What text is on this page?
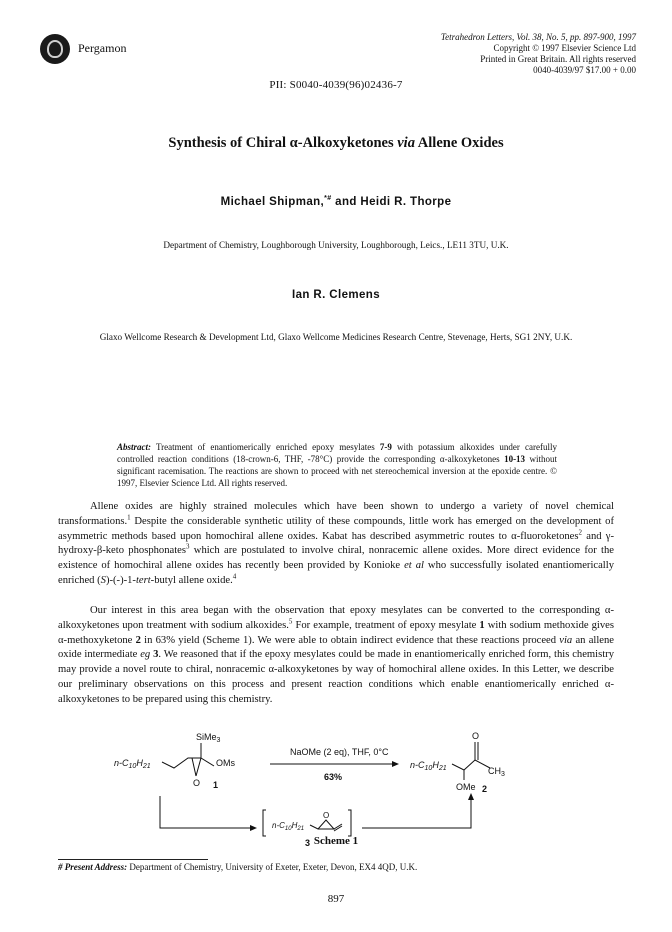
Pergamon
Tetrahedron Letters, Vol. 38, No. 5, pp. 897-900, 1997
Copyright © 1997 Elsevier Science Ltd
Printed in Great Britain. All rights reserved
0040-4039/97 $17.00 + 0.00
PII: S0040-4039(96)02436-7
Synthesis of Chiral α-Alkoxyketones via Allene Oxides
Michael Shipman,*# and Heidi R. Thorpe
Department of Chemistry, Loughborough University, Loughborough, Leics., LE11 3TU, U.K.
Ian R. Clemens
Glaxo Wellcome Research & Development Ltd, Glaxo Wellcome Medicines Research Centre, Stevenage, Herts, SG1 2NY, U.K.
Abstract: Treatment of enantiomerically enriched epoxy mesylates 7-9 with potassium alkoxides under carefully controlled reaction conditions (18-crown-6, THF, -78°C) provide the corresponding α-alkoxyketones 10-13 without significant racemisation. The reactions are shown to proceed with net stereochemical inversion at the epoxide centre. © 1997, Elsevier Science Ltd. All rights reserved.
Allene oxides are highly strained molecules which have been shown to undergo a variety of novel chemical transformations.$^1$ Despite the considerable synthetic utility of these compounds, little work has emerged on the development of asymmetric methods based upon homochiral allene oxides. Kabat has described asymmetric routes to α-fluoroketones$^2$ and γ-hydroxy-β-keto phosphonates$^3$ which are postulated to involve chiral, nonracemic allene oxides. More direct evidence for the existence of homochiral allene oxides has recently been provided by Konioke et al who successfully isolated enantiomerically enriched (S)-(-)-1-tert-butyl allene oxide.$^4$
Our interest in this area began with the observation that epoxy mesylates can be converted to the corresponding α-alkoxyketones upon treatment with sodium alkoxides.$^5$ For example, treatment of epoxy mesylate 1 with sodium methoxide gives α-methoxyketone 2 in 63% yield (Scheme 1). We were able to obtain indirect evidence that these reactions proceed via an allene oxide intermediate eg 3. We reasoned that if the epoxy mesylates could be made in enantiomerically enriched form, this chemistry may provide a novel route to chiral, nonracemic α-alkoxyketones by way of homochiral allene oxides. In this Letter, we describe our preliminary observations on this process and present reaction conditions which enable enantiomerically enriched α-alkoxyketones to be prepared using this chemistry.
SiMe$_3$
$n-C_{10}H_{21}$	OMs
O 1
NaOMe (2 eq), THF, 0°C
63%
$n-C_{10}H_{21}$
O
$CH_3$
OMe 2
$n-C_{10}H_{21}$
O
3 Scheme 1
# Present Address: Department of Chemistry, University of Exeter, Exeter, Devon, EX4 4QD, U.K.
897
